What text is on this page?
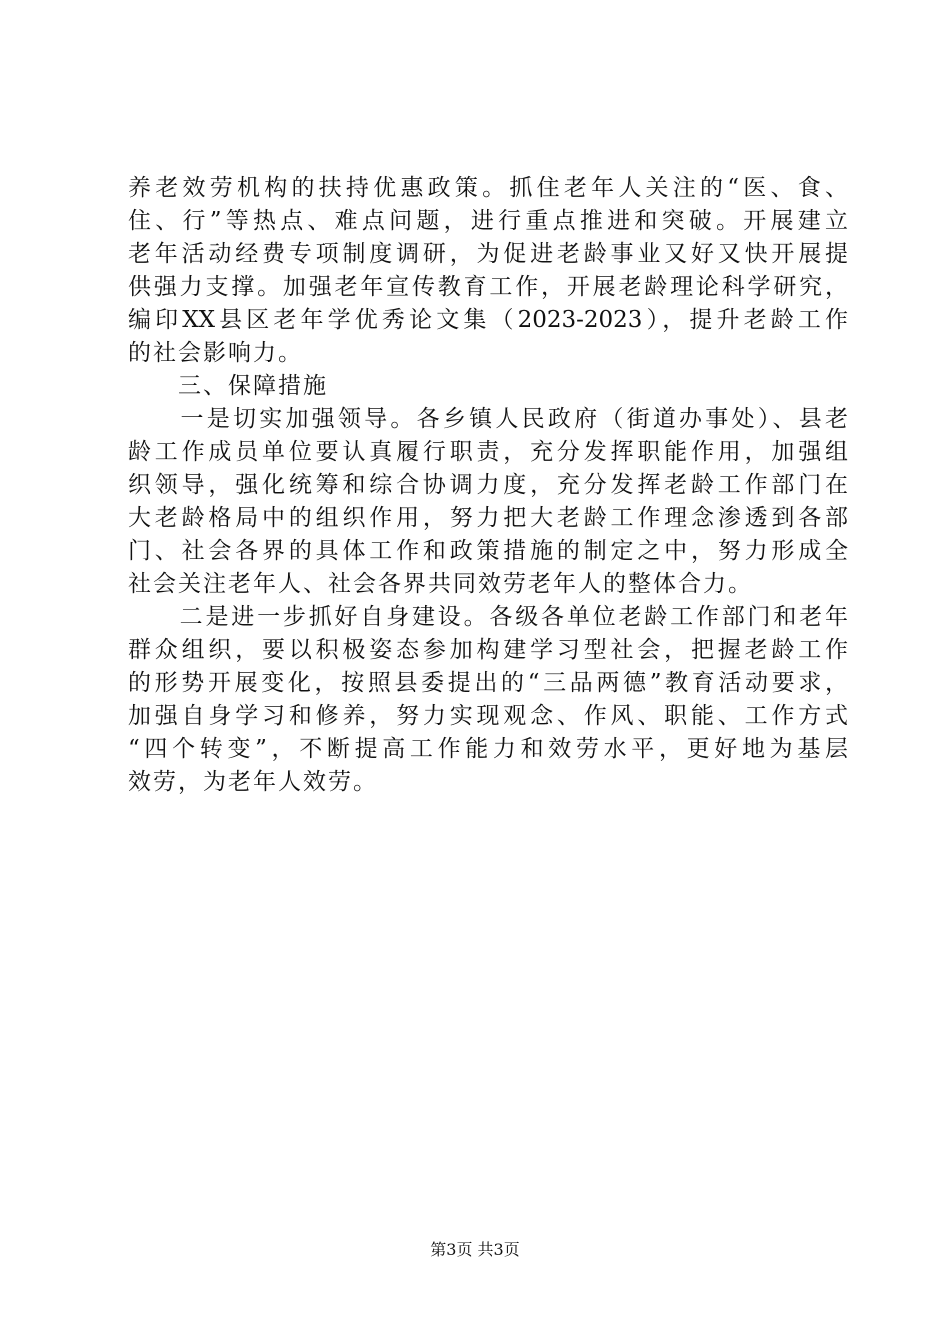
养老效劳机构的扶持优惠政策。抓住老年人关注的“医、食、
住、行”等热点、难点问题，进行重点推进和突破。开展建立
老年活动经费专项制度调研，为促进老龄事业又好又快开展提
供强力支撑。加强老年宣传教育工作，开展老龄理论科学研究，
编印XX县区老年学优秀论文集（2023-2023），提升老龄工作
的社会影响力。
　　三、保障措施
　　一是切实加强领导。各乡镇人民政府（街道办事处）、县老
龄工作成员单位要认真履行职责，充分发挥职能作用，加强组
织领导，强化统筹和综合协调力度，充分发挥老龄工作部门在
大老龄格局中的组织作用，努力把大老龄工作理念渗透到各部
门、社会各界的具体工作和政策措施的制定之中，努力形成全
社会关注老年人、社会各界共同效劳老年人的整体合力。
　　二是进一步抓好自身建设。各级各单位老龄工作部门和老年
群众组织，要以积极姿态参加构建学习型社会，把握老龄工作
的形势开展变化，按照县委提出的“三品两德”教育活动要求，
加强自身学习和修养，努力实现观念、作风、职能、工作方式
“四个转变”，不断提高工作能力和效劳水平，更好地为基层
效劳，为老年人效劳。
第3页 共3页
